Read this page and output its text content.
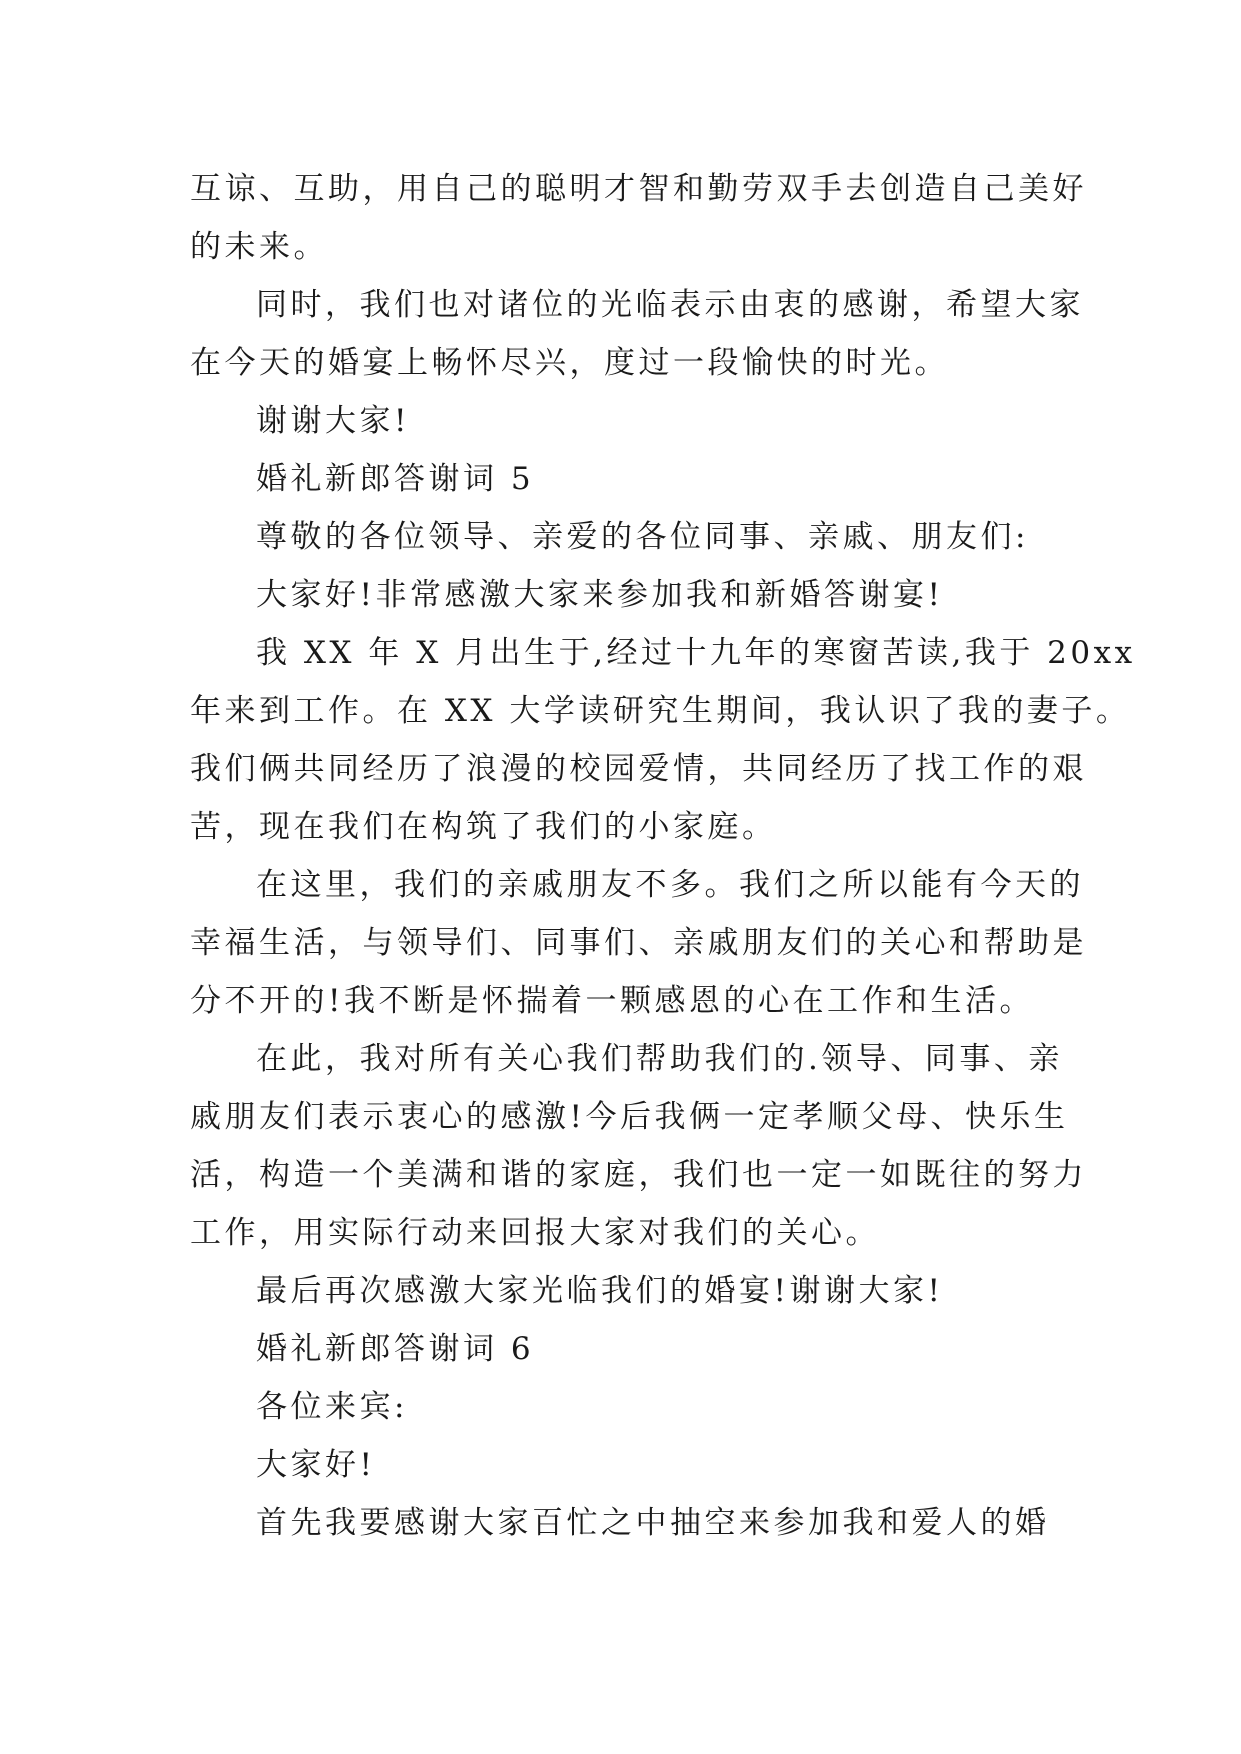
互谅、互助，用自己的聪明才智和勤劳双手去创造自己美好
的未来。
同时，我们也对诸位的光临表示由衷的感谢，希望大家
在今天的婚宴上畅怀尽兴，度过一段愉快的时光。
谢谢大家!
婚礼新郎答谢词 5
尊敬的各位领导、亲爱的各位同事、亲戚、朋友们:
大家好!非常感激大家来参加我和新婚答谢宴!
我 XX 年 X 月出生于,经过十九年的寒窗苦读,我于 20xx
年来到工作。在 XX 大学读研究生期间，我认识了我的妻子。
我们俩共同经历了浪漫的校园爱情，共同经历了找工作的艰
苦，现在我们在构筑了我们的小家庭。
在这里，我们的亲戚朋友不多。我们之所以能有今天的
幸福生活，与领导们、同事们、亲戚朋友们的关心和帮助是
分不开的!我不断是怀揣着一颗感恩的心在工作和生活。
在此，我对所有关心我们帮助我们的.领导、同事、亲
戚朋友们表示衷心的感激!今后我俩一定孝顺父母、快乐生
活，构造一个美满和谐的家庭，我们也一定一如既往的努力
工作，用实际行动来回报大家对我们的关心。
最后再次感激大家光临我们的婚宴!谢谢大家!
婚礼新郎答谢词 6
各位来宾:
大家好!
首先我要感谢大家百忙之中抽空来参加我和爱人的婚
